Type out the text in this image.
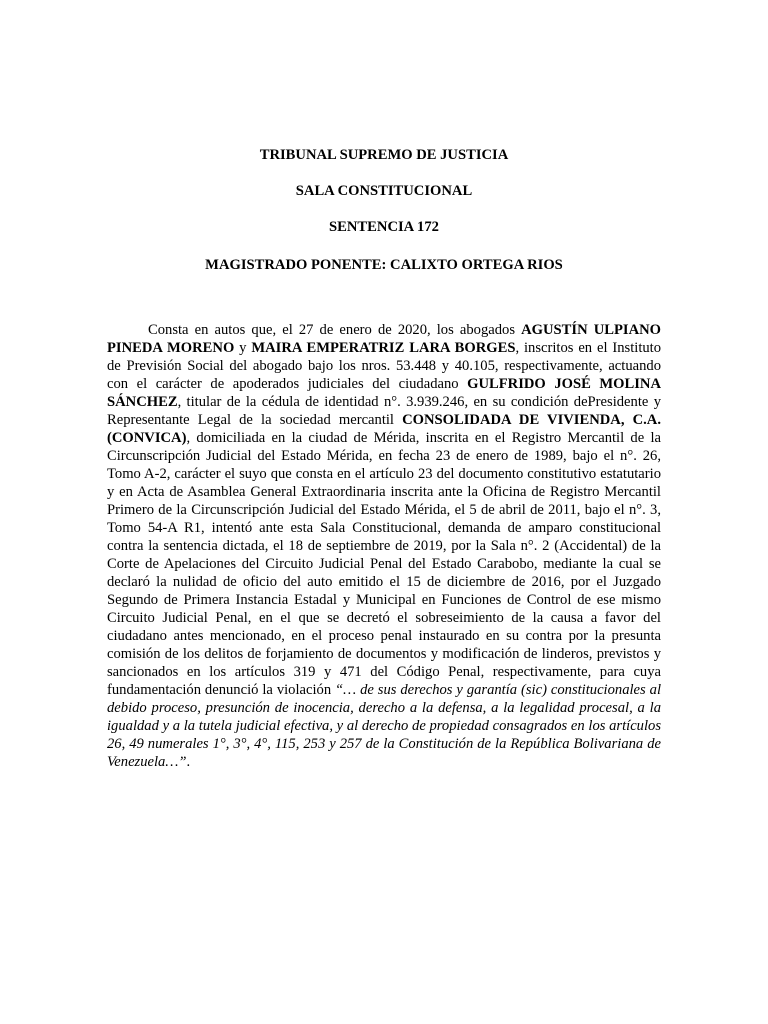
TRIBUNAL SUPREMO DE JUSTICIA

SALA CONSTITUCIONAL

SENTENCIA 172

MAGISTRADO PONENTE: CALIXTO ORTEGA RIOS

Consta en autos que, el 27 de enero de 2020, los abogados AGUSTÍN ULPIANO PINEDA MORENO y MAIRA EMPERATRIZ LARA BORGES, inscritos en el Instituto de Previsión Social del abogado bajo los nros. 53.448 y 40.105, respectivamente, actuando con el carácter de apoderados judiciales del ciudadano GULFRIDO JOSÉ MOLINA SÁNCHEZ, titular de la cédula de identidad n°. 3.939.246, en su condición dePresidente y Representante Legal de la sociedad mercantil CONSOLIDADA DE VIVIENDA, C.A. (CONVICA), domiciliada en la ciudad de Mérida, inscrita en el Registro Mercantil de la Circunscripción Judicial del Estado Mérida, en fecha 23 de enero de 1989, bajo el n°. 26, Tomo A-2, carácter el suyo que consta en el artículo 23 del documento constitutivo estatutario y en Acta de Asamblea General Extraordinaria inscrita ante la Oficina de Registro Mercantil Primero de la Circunscripción Judicial del Estado Mérida, el 5 de abril de 2011, bajo el n°. 3, Tomo 54-A R1, intentó ante esta Sala Constitucional, demanda de amparo constitucional contra la sentencia dictada, el 18 de septiembre de 2019, por la Sala n°. 2 (Accidental) de la Corte de Apelaciones del Circuito Judicial Penal del Estado Carabobo, mediante la cual se declaró la nulidad de oficio del auto emitido el 15 de diciembre de 2016, por el Juzgado Segundo de Primera Instancia Estadal y Municipal en Funciones de Control de ese mismo Circuito Judicial Penal, en el que se decretó el sobreseimiento de la causa a favor del ciudadano antes mencionado, en el proceso penal instaurado en su contra por la presunta comisión de los delitos de forjamiento de documentos y modificación de linderos, previstos y sancionados en los artículos 319 y 471 del Código Penal, respectivamente, para cuya fundamentación denunció la violación “… de sus derechos y garantía (sic) constitucionales al debido proceso, presunción de inocencia, derecho a la defensa, a la legalidad procesal, a la igualdad y a la tutela judicial efectiva, y al derecho de propiedad consagrados en los artículos 26, 49 numerales 1°, 3°, 4°, 115, 253 y 257 de la Constitución de la República Bolivariana de Venezuela…”.
